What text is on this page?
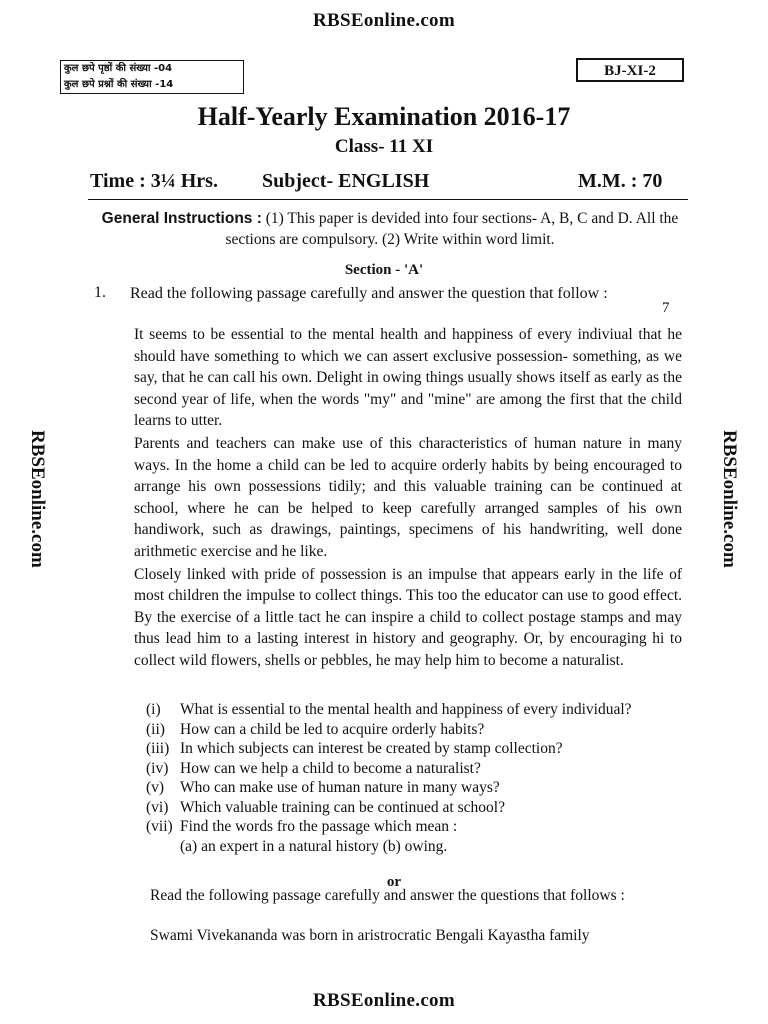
RBSEonline.com
RBSEonline.com	RBSEonline.com
कुल छपे पृष्ठों की संख्या -04
कुल छपे प्रश्नों की संख्या -14
BJ-XI-2
Half-Yearly Examination 2016-17
Class- 11 XI
Time : 3¼ Hrs. Subject- ENGLISH	M.M. : 70
General Instructions : (1) This paper is devided into four sections- A, B, C and D. All the sections are compulsory. (2) Write within word limit.
Section - 'A'
1. Read the following passage carefully and answer the question that follow :
7

It seems to be essential to the mental health and happiness of every indiviual that he should have something to which we can assert exclusive possession- something, as we say, that he can call his own. Delight in owing things usually shows itself as early as the second year of life, when the words "my" and "mine" are among the first that the child learns to utter.

Parents and teachers can make use of this characteristics of human nature in many ways. In the home a child can be led to acquire orderly habits by being encouraged to arrange his own possessions tidily; and this valuable training can be continued at school, where he can be helped to keep carefully arranged samples of his own handiwork, such as drawings, paintings, specimens of his handwriting, well done arithmetic exercise and he like.

Closely linked with pride of possession is an impulse that appears early in the life of most children the impulse to collect things. This too the educator can use to good effect. By the exercise of a little tact he can inspire a child to collect postage stamps and may thus lead him to a lasting interest in history and geography. Or, by encouraging hi to collect wild flowers, shells or pebbles, he may help him to become a naturalist.

(i) What is essential to the mental health and happiness of every individual?
(ii) How can a child be led to acquire orderly habits?
(iii) In which subjects can interest be created by stamp collection?
(iv) How can we help a child to become a naturalist?
(v) Who can make use of human nature in many ways?
(vi) Which valuable training can be continued at school?
(vii) Find the words fro the passage which mean :
(a) an expert in a natural history (b) owing.
or
Read the following passage carefully and answer the questions that follows :
Swami Vivekananda was born in aristrocratic Bengali Kayastha family
RBSEonline.com
